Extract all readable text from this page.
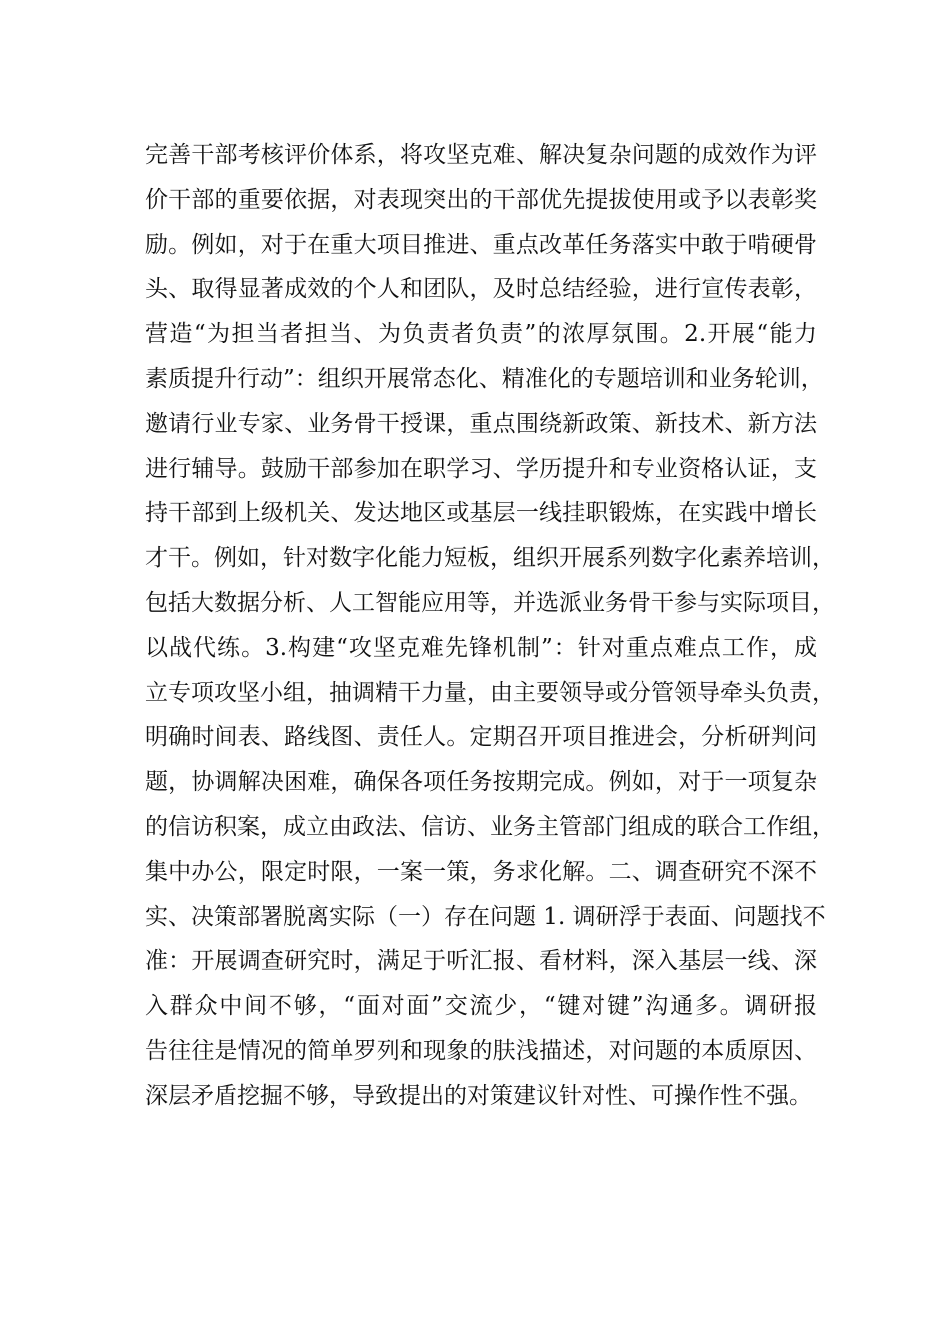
完善干部考核评价体系，将攻坚克难、解决复杂问题的成效作为评
价干部的重要依据，对表现突出的干部优先提拔使用或予以表彰奖
励。例如，对于在重大项目推进、重点改革任务落实中敢于啃硬骨
头、取得显著成效的个人和团队，及时总结经验，进行宣传表彰，
营造“为担当者担当、为负责者负责”的浓厚氛围。2.开展“能力
素质提升行动”：组织开展常态化、精准化的专题培训和业务轮训，
邀请行业专家、业务骨干授课，重点围绕新政策、新技术、新方法
进行辅导。鼓励干部参加在职学习、学历提升和专业资格认证，支
持干部到上级机关、发达地区或基层一线挂职锻炼，在实践中增长
才干。例如，针对数字化能力短板，组织开展系列数字化素养培训，
包括大数据分析、人工智能应用等，并选派业务骨干参与实际项目，
以战代练。3.构建“攻坚克难先锋机制”：针对重点难点工作，成
立专项攻坚小组，抽调精干力量，由主要领导或分管领导牵头负责，
明确时间表、路线图、责任人。定期召开项目推进会，分析研判问
题，协调解决困难，确保各项任务按期完成。例如，对于一项复杂
的信访积案，成立由政法、信访、业务主管部门组成的联合工作组，
集中办公，限定时限，一案一策，务求化解。二、调查研究不深不
实、决策部署脱离实际（一）存在问题 1. 调研浮于表面、问题找不
准：开展调查研究时，满足于听汇报、看材料，深入基层一线、深
入群众中间不够，“面对面”交流少，“键对键”沟通多。调研报
告往往是情况的简单罗列和现象的肤浅描述，对问题的本质原因、
深层矛盾挖掘不够，导致提出的对策建议针对性、可操作性不强。
